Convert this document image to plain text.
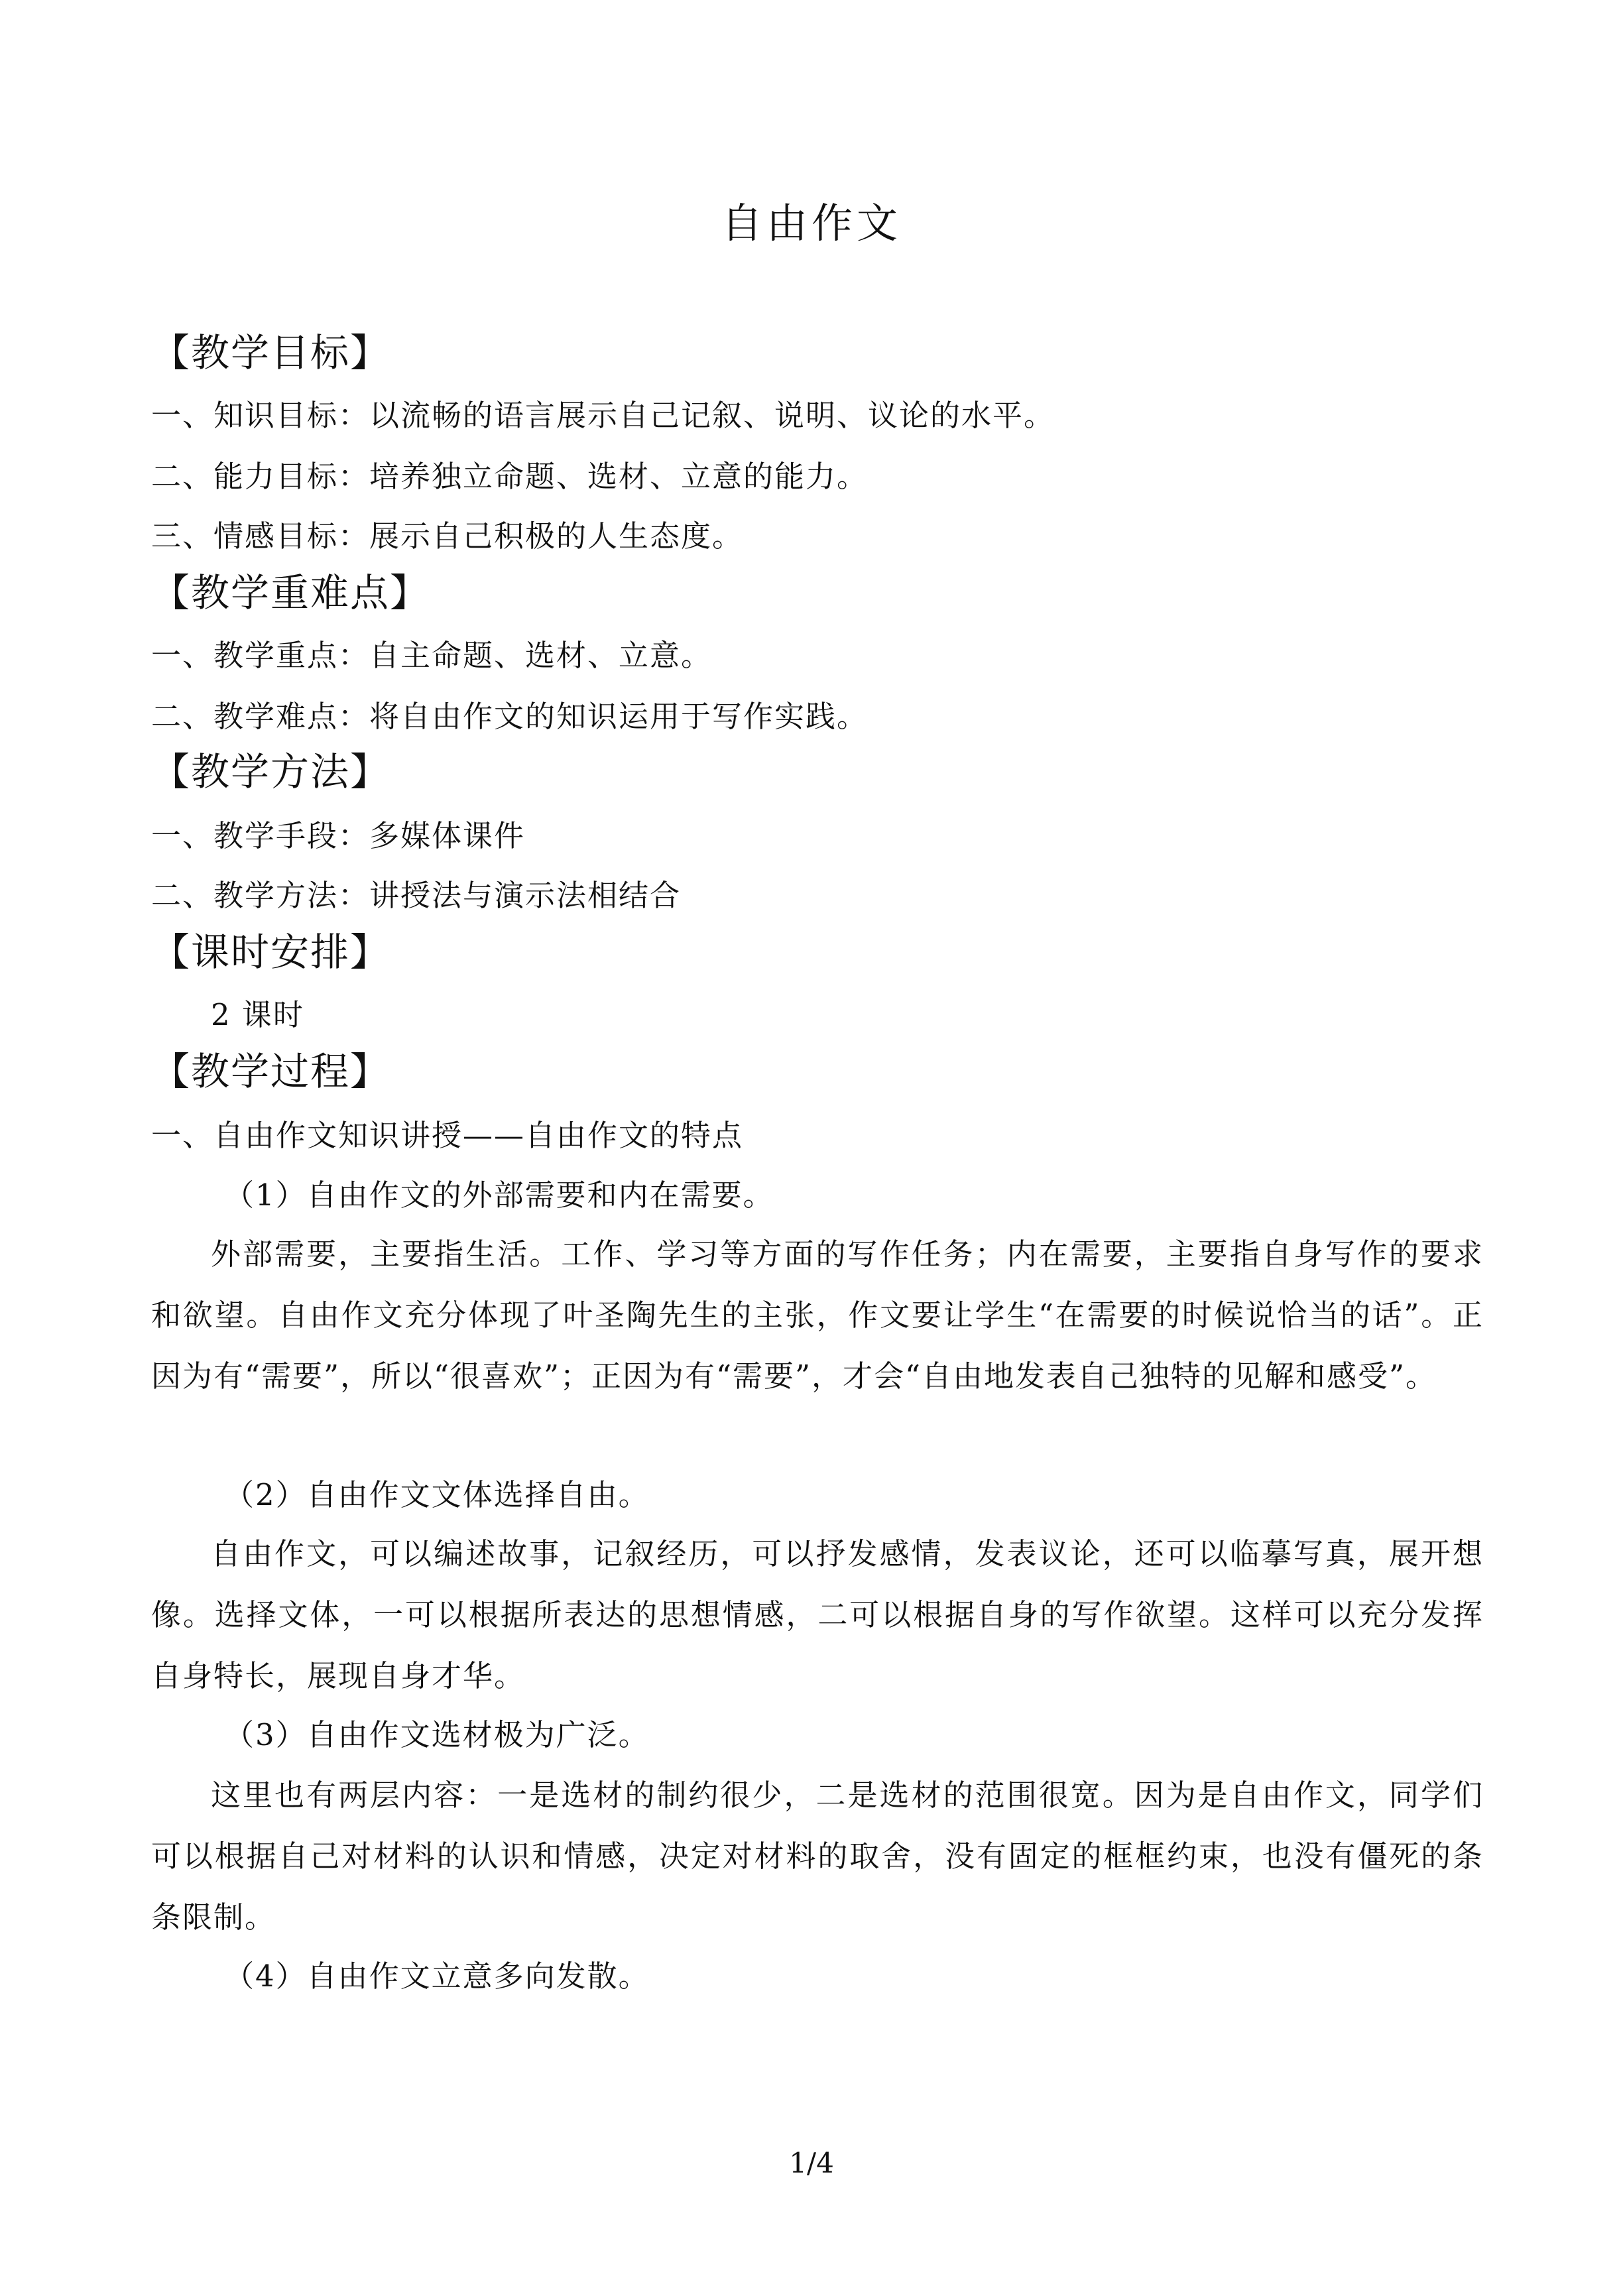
自由作文
【教学目标】
一、知识目标：以流畅的语言展示自己记叙、说明、议论的水平。
二、能力目标：培养独立命题、选材、立意的能力。
三、情感目标：展示自己积极的人生态度。
【教学重难点】
一、教学重点：自主命题、选材、立意。
二、教学难点：将自由作文的知识运用于写作实践。
【教学方法】
一、教学手段：多媒体课件
二、教学方法：讲授法与演示法相结合
【课时安排】
2 课时
【教学过程】
一、自由作文知识讲授——自由作文的特点
（1）自由作文的外部需要和内在需要。

外部需要，主要指生活。工作、学习等方面的写作任务；内在需要，主要指自身写作的要求和欲望。自由作文充分体现了叶圣陶先生的主张，作文要让学生“在需要的时候说恰当的话”。正因为有“需要”，所以“很喜欢”；正因为有“需要”，才会“自由地发表自己独特的见解和感受”。

（2）自由作文文体选择自由。

自由作文，可以编述故事，记叙经历，可以抒发感情，发表议论，还可以临摹写真，展开想像。选择文体，一可以根据所表达的思想情感，二可以根据自身的写作欲望。这样可以充分发挥自身特长，展现自身才华。

（3）自由作文选材极为广泛。

这里也有两层内容：一是选材的制约很少，二是选材的范围很宽。因为是自由作文，同学们可以根据自己对材料的认识和情感，决定对材料的取舍，没有固定的框框约束，也没有僵死的条条限制。

（4）自由作文立意多向发散。
1/4
